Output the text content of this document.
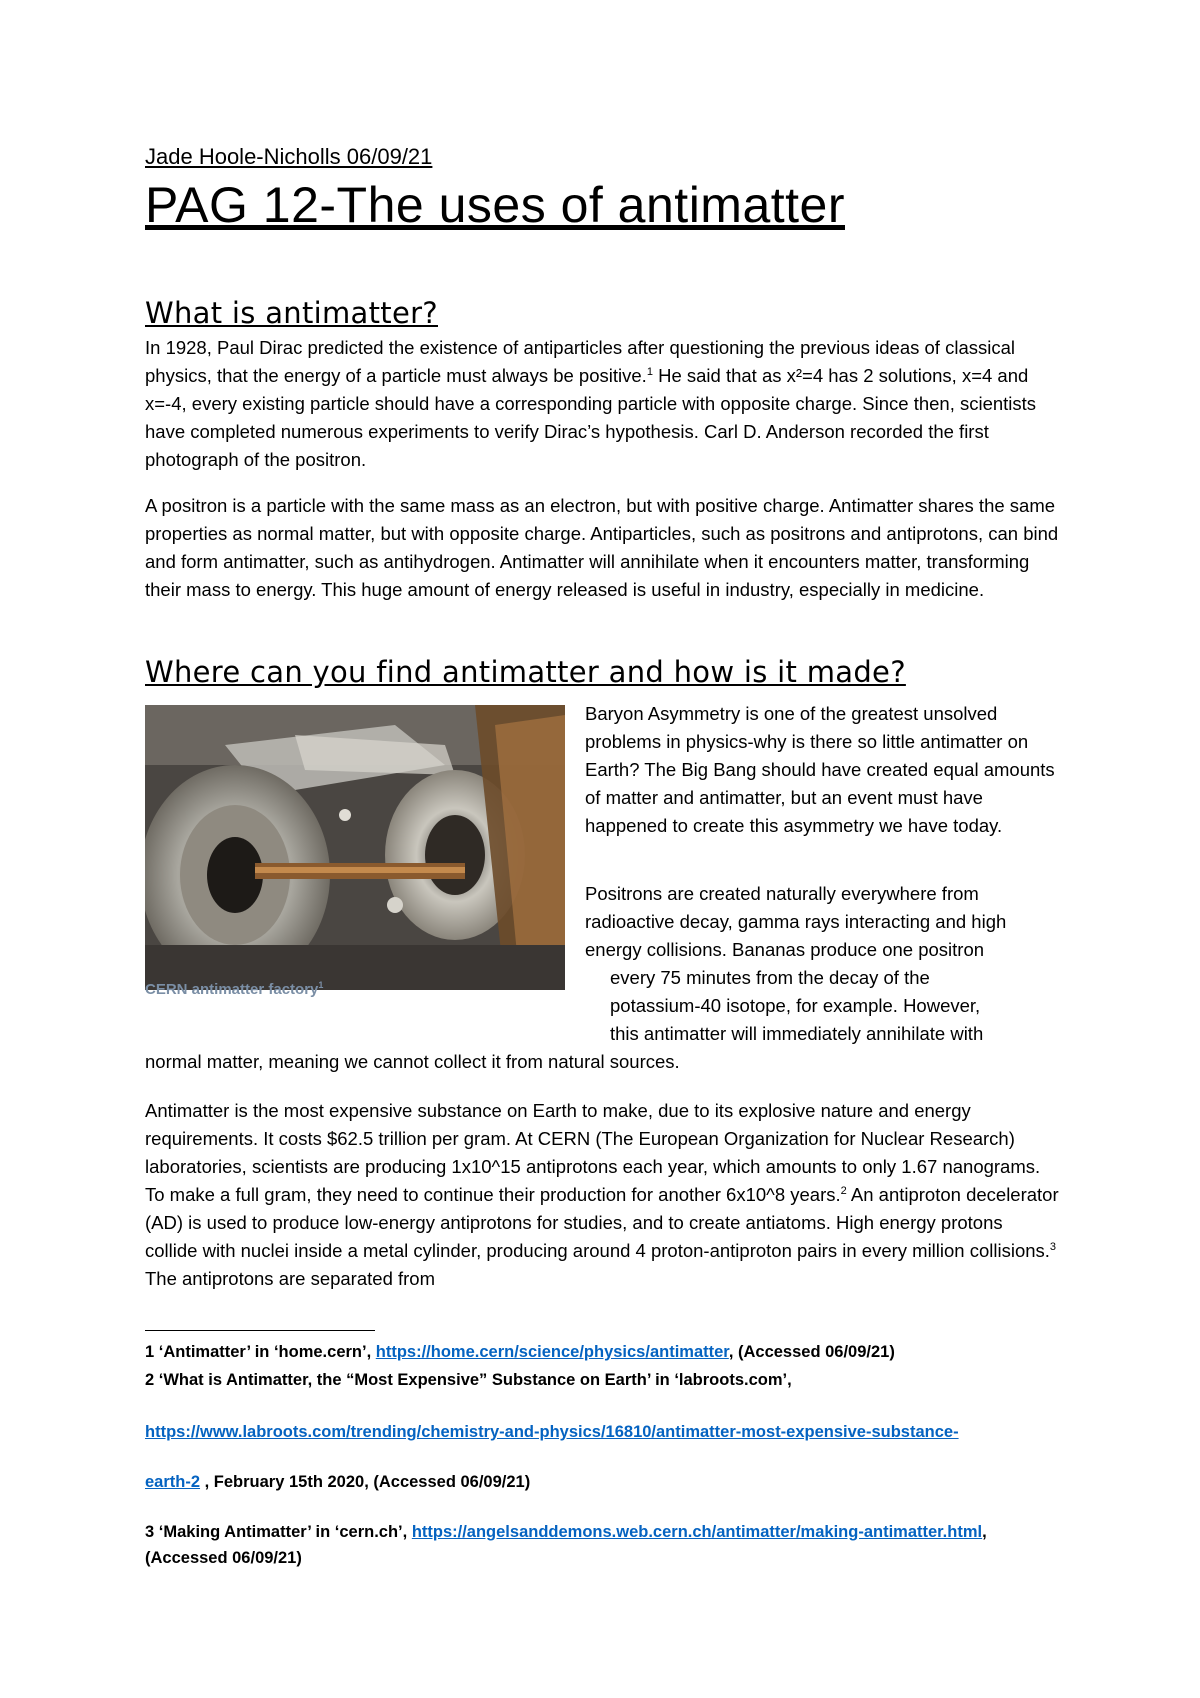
Jade Hoole-Nicholls 06/09/21
PAG 12-The uses of antimatter
What is antimatter?
In 1928, Paul Dirac predicted the existence of antiparticles after questioning the previous ideas of classical physics, that the energy of a particle must always be positive.$^1$ He said that as x²=4 has 2 solutions, x=4 and x=-4, every existing particle should have a corresponding particle with opposite charge. Since then, scientists have completed numerous experiments to verify Dirac’s hypothesis. Carl D. Anderson recorded the first photograph of the positron.
A positron is a particle with the same mass as an electron, but with positive charge. Antimatter shares the same properties as normal matter, but with opposite charge. Antiparticles, such as positrons and antiprotons, can bind and form antimatter, such as antihydrogen. Antimatter will annihilate when it encounters matter, transforming their mass to energy. This huge amount of energy released is useful in industry, especially in medicine.
Where can you find antimatter and how is it made?
CERN antimatter factory$^1$
Baryon Asymmetry is one of the greatest unsolved problems in physics-why is there so little antimatter on Earth? The Big Bang should have created equal amounts of matter and antimatter, but an event must have happened to create this asymmetry we have today.
Positrons are created naturally everywhere from radioactive decay, gamma rays interacting and high energy collisions. Bananas produce one positron
every 75 minutes from the decay of the
potassium-40 isotope, for example. However,
this antimatter will immediately annihilate with
normal matter, meaning we cannot collect it from natural sources.
Antimatter is the most expensive substance on Earth to make, due to its explosive nature and energy requirements. It costs $62.5 trillion per gram. At CERN (The European Organization for Nuclear Research) laboratories, scientists are producing 1x10^15 antiprotons each year, which amounts to only 1.67 nanograms. To make a full gram, they need to continue their production for another 6x10^8 years.$^2$ An antiproton decelerator (AD) is used to produce low-energy antiprotons for studies, and to create antiatoms. High energy protons collide with nuclei inside a metal cylinder, producing around 4 proton-antiproton pairs in every million collisions.$^3$ The antiprotons are separated from
1 ‘Antimatter’ in ‘home.cern’, https://home.cern/science/physics/antimatter, (Accessed 06/09/21)
2 ‘What is Antimatter, the “Most Expensive” Substance on Earth’ in ‘labroots.com’,
https://www.labroots.com/trending/chemistry-and-physics/16810/antimatter-most-expensive-substance-
earth-2 , February 15th 2020, (Accessed 06/09/21)
3 ‘Making Antimatter’ in ‘cern.ch’, https://angelsanddemons.web.cern.ch/antimatter/making-antimatter.html,
(Accessed 06/09/21)
